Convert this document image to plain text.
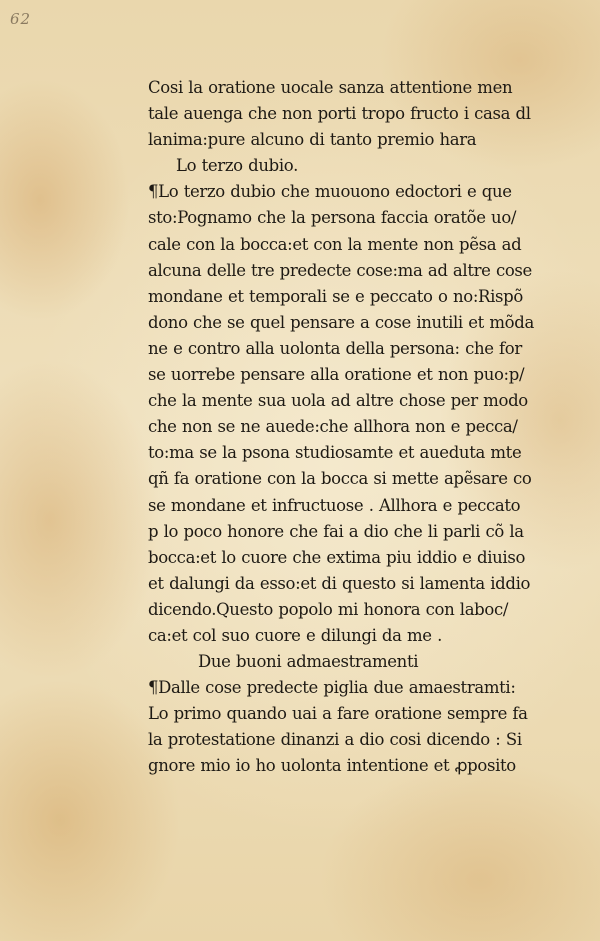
62
Cosi la oratione uocale sanza attentione men
tale auenga che non porti tropo fructo i casa dl
lanima:pure alcuno di tanto premio hara
Lo terzo dubio.
¶Lo terzo dubio che muouono edoctori e que
sto:Pognamo che la persona faccia oratõe uo/
cale con la bocca:et con la mente non pẽsa ad
alcuna delle tre predecte cose:ma ad altre cose
mondane et temporali se e peccato o no:Rispõ
dono che se quel pensare a cose inutili et mõda
ne e contro alla uolonta della persona: che for
se uorrebe pensare alla oratione et non puo:p/
che la mente sua uola ad altre chose per modo
che non se ne auede:che allhora non e pecca/
to:ma se la psona studiosamte et aueduta mte
qñ fa oratione con la bocca si mette apẽsare co
se mondane et infructuose . Allhora e peccato
p lo poco honore che fai a dio che li parli cõ la
bocca:et lo cuore che extima piu iddio e diuiso
et dalungi da esso:et di questo si lamenta iddio
dicendo.Questo popolo mi honora con laboc/
ca:et col suo cuore e dilungi da me .
Due buoni admaestramenti
¶Dalle cose predecte piglia due amaestramti:
Lo primo quando uai a fare oratione sempre fa
la protestatione dinanzi a dio cosi dicendo : Si
gnore mio io ho uolonta intentione et ꝓposito
